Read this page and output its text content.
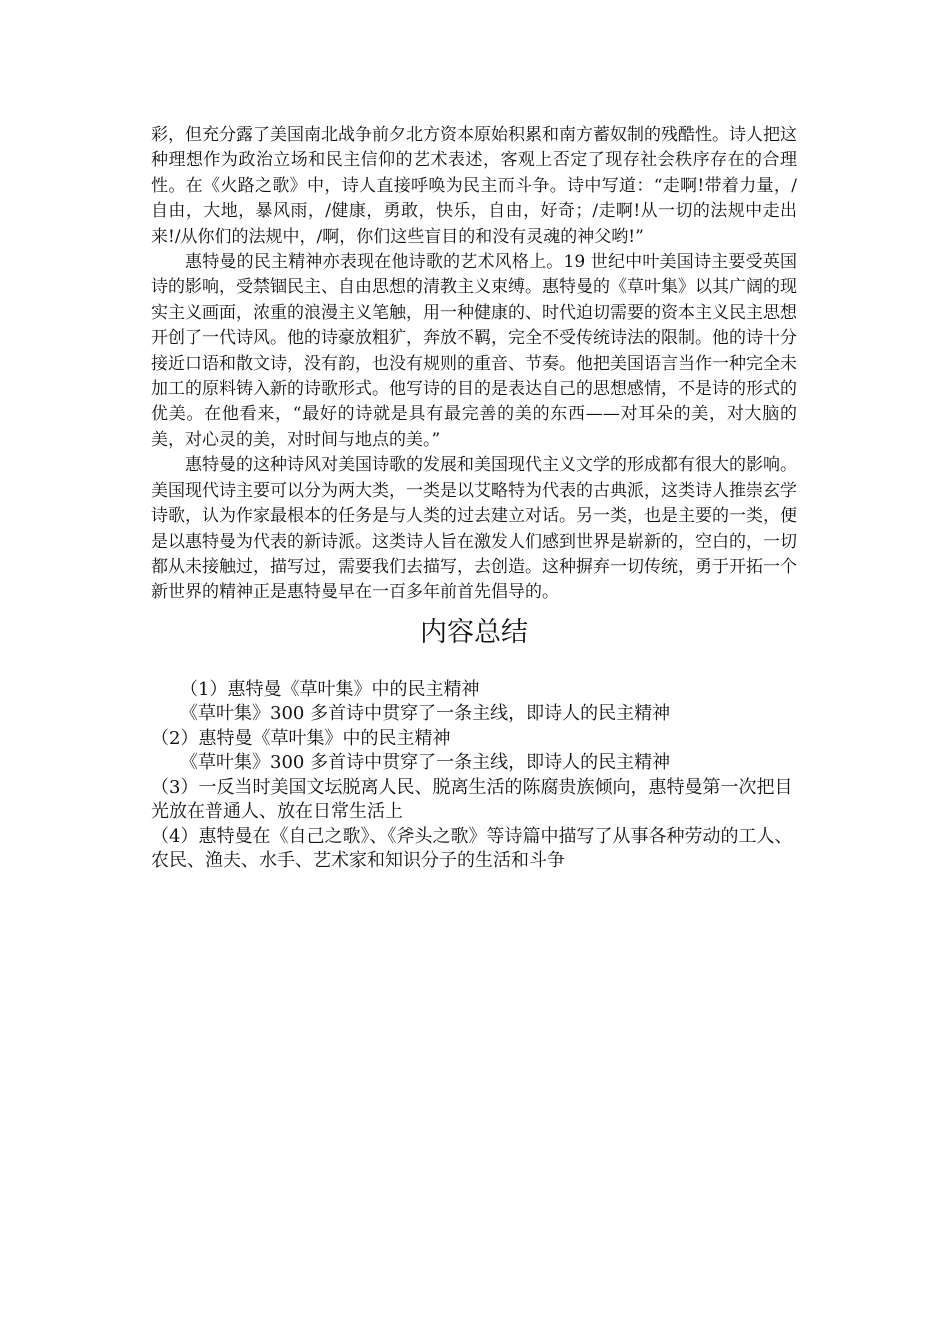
彩，但充分露了美国南北战争前夕北方资本原始积累和南方蓄奴制的残酷性。诗人把这种理想作为政治立场和民主信仰的艺术表述，客观上否定了现存社会秩序存在的合理性。在《火路之歌》中，诗人直接呼唤为民主而斗争。诗中写道：“走啊!带着力量，/自由，大地，暴风雨，/健康，勇敢，快乐，自由，好奇；/走啊!从一切的法规中走出来!/从你们的法规中，/啊，你们这些盲目的和没有灵魂的神父哟!”

惠特曼的民主精神亦表现在他诗歌的艺术风格上。19 世纪中叶美国诗主要受英国诗的影响，受禁锢民主、自由思想的清教主义束缚。惠特曼的《草叶集》以其广阔的现实主义画面，浓重的浪漫主义笔触，用一种健康的、时代迫切需要的资本主义民主思想开创了一代诗风。他的诗豪放粗犷，奔放不羁，完全不受传统诗法的限制。他的诗十分接近口语和散文诗，没有韵，也没有规则的重音、节奏。他把美国语言当作一种完全未加工的原料铸入新的诗歌形式。他写诗的目的是表达自己的思想感情，不是诗的形式的优美。在他看来，“最好的诗就是具有最完善的美的东西——对耳朵的美，对大脑的美，对心灵的美，对时间与地点的美。”

惠特曼的这种诗风对美国诗歌的发展和美国现代主义文学的形成都有很大的影响。美国现代诗主要可以分为两大类，一类是以艾略特为代表的古典派，这类诗人推崇玄学诗歌，认为作家最根本的任务是与人类的过去建立对话。另一类，也是主要的一类，便是以惠特曼为代表的新诗派。这类诗人旨在激发人们感到世界是崭新的，空白的，一切都从未接触过，描写过，需要我们去描写，去创造。这种摒弃一切传统，勇于开拓一个新世界的精神正是惠特曼早在一百多年前首先倡导的。

内容总结

（1）惠特曼《草叶集》中的民主精神

《草叶集》300 多首诗中贯穿了一条主线，即诗人的民主精神

（2）惠特曼《草叶集》中的民主精神

《草叶集》300 多首诗中贯穿了一条主线，即诗人的民主精神

（3）一反当时美国文坛脱离人民、脱离生活的陈腐贵族倾向，惠特曼第一次把目光放在普通人、放在日常生活上

（4）惠特曼在《自己之歌》、《斧头之歌》等诗篇中描写了从事各种劳动的工人、农民、渔夫、水手、艺术家和知识分子的生活和斗争
